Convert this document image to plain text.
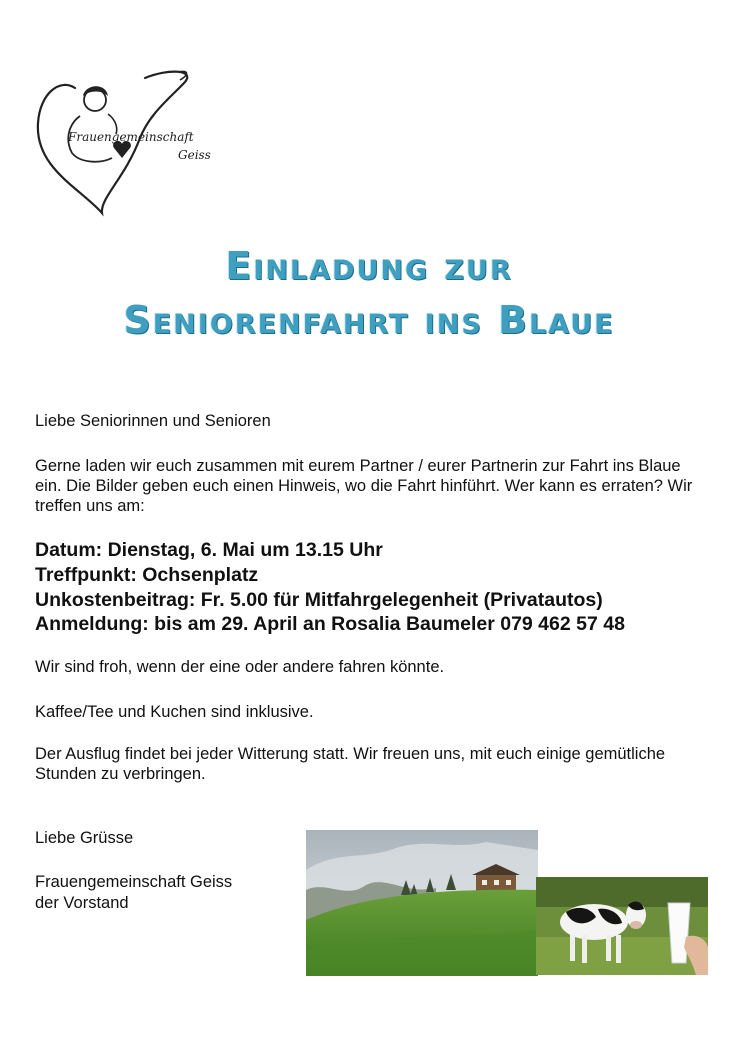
Frauengemeinschaft
Geiss
Einladung zur
Seniorenfahrt ins Blaue
Liebe Seniorinnen und Senioren
Gerne laden wir euch zusammen mit eurem Partner / eurer Partnerin zur Fahrt ins Blaue ein. Die Bilder geben euch einen Hinweis, wo die Fahrt hinführt. Wer kann es erraten? Wir treffen uns am:
Datum: Dienstag, 6. Mai um 13.15 Uhr
Treffpunkt: Ochsenplatz
Unkostenbeitrag: Fr. 5.00 für Mitfahrgelegenheit (Privatautos)
Anmeldung: bis am 29. April an Rosalia Baumeler 079 462 57 48
Wir sind froh, wenn der eine oder andere fahren könnte.
Kaffee/Tee und Kuchen sind inklusive.
Der Ausflug findet bei jeder Witterung statt. Wir freuen uns, mit euch einige gemütliche Stunden zu verbringen.
Liebe Grüsse
Frauengemeinschaft Geiss
der Vorstand
